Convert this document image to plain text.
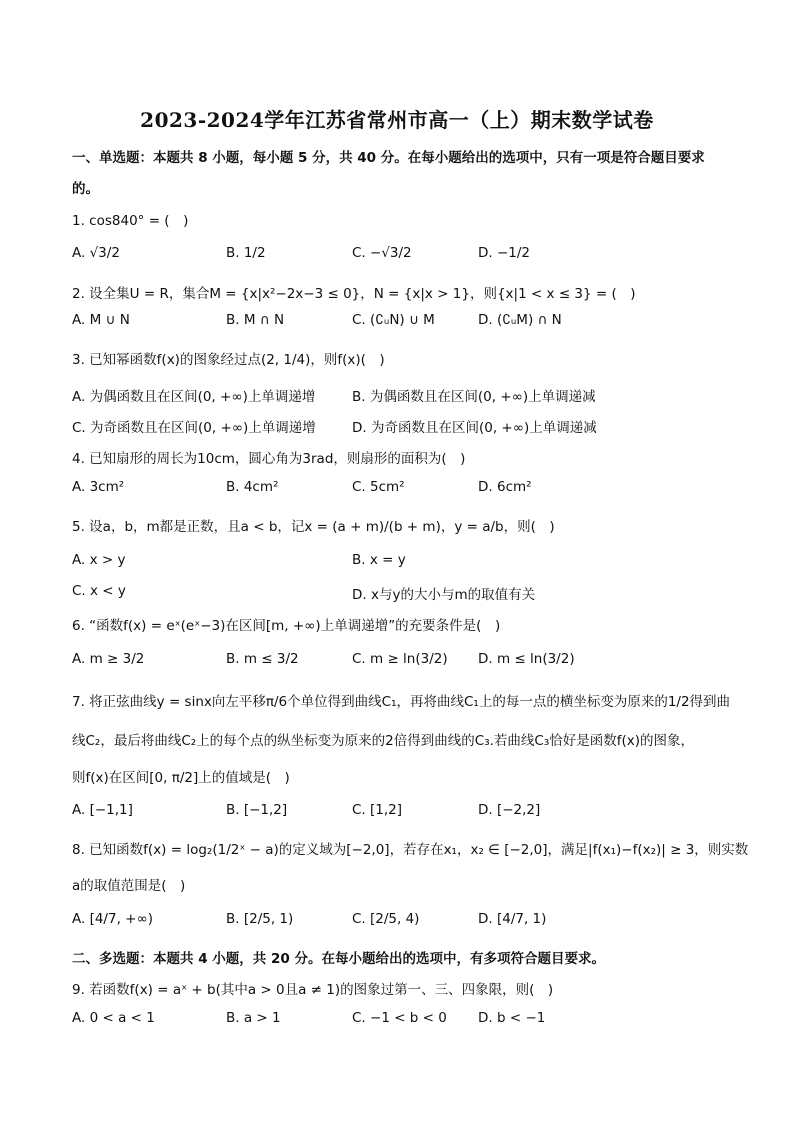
2023-2024学年江苏省常州市高一（上）期末数学试卷
一、单选题：本题共 8 小题，每小题 5 分，共 40 分。在每小题给出的选项中，只有一项是符合题目要求
的。
1. cos840° = (　)
A. √3/2	B. 1/2	C. −√3/2	D. −1/2
2. 设全集U = R，集合M = {x|x²−2x−3 ≤ 0}，N = {x|x > 1}，则{x|1 < x ≤ 3} = (　)
A. M ∪ N	B. M ∩ N	C. (∁ᵤN) ∪ M	D. (∁ᵤM) ∩ N
3. 已知幂函数f(x)的图象经过点(2, 1/4)，则f(x)(　)
A. 为偶函数且在区间(0, +∞)上单调递增	B. 为偶函数且在区间(0, +∞)上单调递减
C. 为奇函数且在区间(0, +∞)上单调递增	D. 为奇函数且在区间(0, +∞)上单调递减
4. 已知扇形的周长为10cm，圆心角为3rad，则扇形的面积为(　)
A. 3cm²	B. 4cm²	C. 5cm²	D. 6cm²
5. 设a，b，m都是正数，且a < b，记x = (a + m)/(b + m)，y = a/b，则(　)
A. x > y	B. x = y
C. x < y	D. x与y的大小与m的取值有关
6. “函数f(x) = eˣ(eˣ−3)在区间[m, +∞)上单调递增”的充要条件是(　)
A. m ≥ 3/2	B. m ≤ 3/2	C. m ≥ ln(3/2) D. m ≤ ln(3/2)
7. 将正弦曲线y = sinx向左平移π/6个单位得到曲线C₁，再将曲线C₁上的每一点的横坐标变为原来的1/2得到曲
线C₂，最后将曲线C₂上的每个点的纵坐标变为原来的2倍得到曲线的C₃.若曲线C₃恰好是函数f(x)的图象，
则f(x)在区间[0, π/2]上的值域是(　)
A. [−1,1]	B. [−1,2]	C. [1,2]	D. [−2,2]
8. 已知函数f(x) = log₂(1/2ˣ − a)的定义域为[−2,0]，若存在x₁，x₂ ∈ [−2,0]，满足|f(x₁)−f(x₂)| ≥ 3，则实数
a的取值范围是(　)
A. [4/7, +∞)	B. [2/5, 1)	C. [2/5, 4)	D. [4/7, 1)
二、多选题：本题共 4 小题，共 20 分。在每小题给出的选项中，有多项符合题目要求。
9. 若函数f(x) = aˣ + b(其中a > 0且a ≠ 1)的图象过第一、三、四象限，则(　)
A. 0 < a < 1	B. a > 1	C. −1 < b < 0 D. b < −1
